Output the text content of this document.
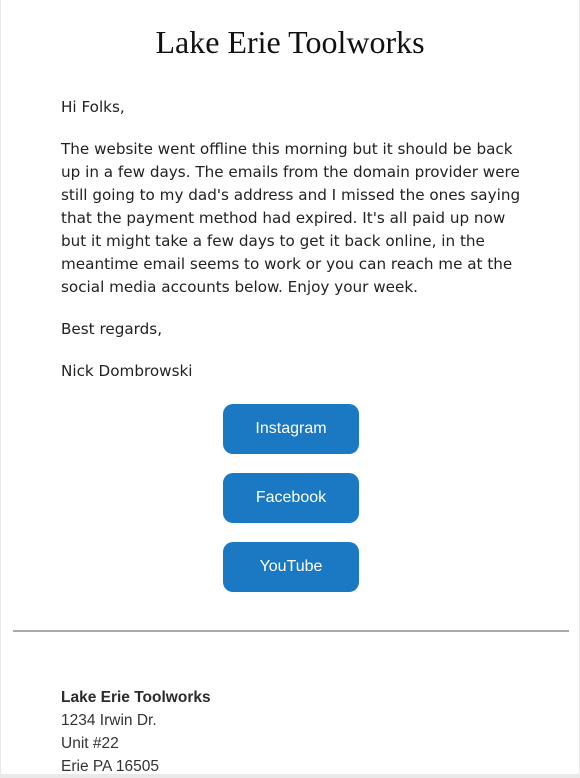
Lake Erie Toolworks

Hi Folks,

The website went offline this morning but it should be back up in a few days. The emails from the domain provider were still going to my dad's address and I missed the ones saying that the payment method had expired. It's all paid up now but it might take a few days to get it back online, in the meantime email seems to work or you can reach me at the social media accounts below. Enjoy your week.

Best regards,

Nick Dombrowski

Instagram
Facebook
YouTube
Lake Erie Toolworks
1234 Irwin Dr.
Unit #22
Erie PA 16505
